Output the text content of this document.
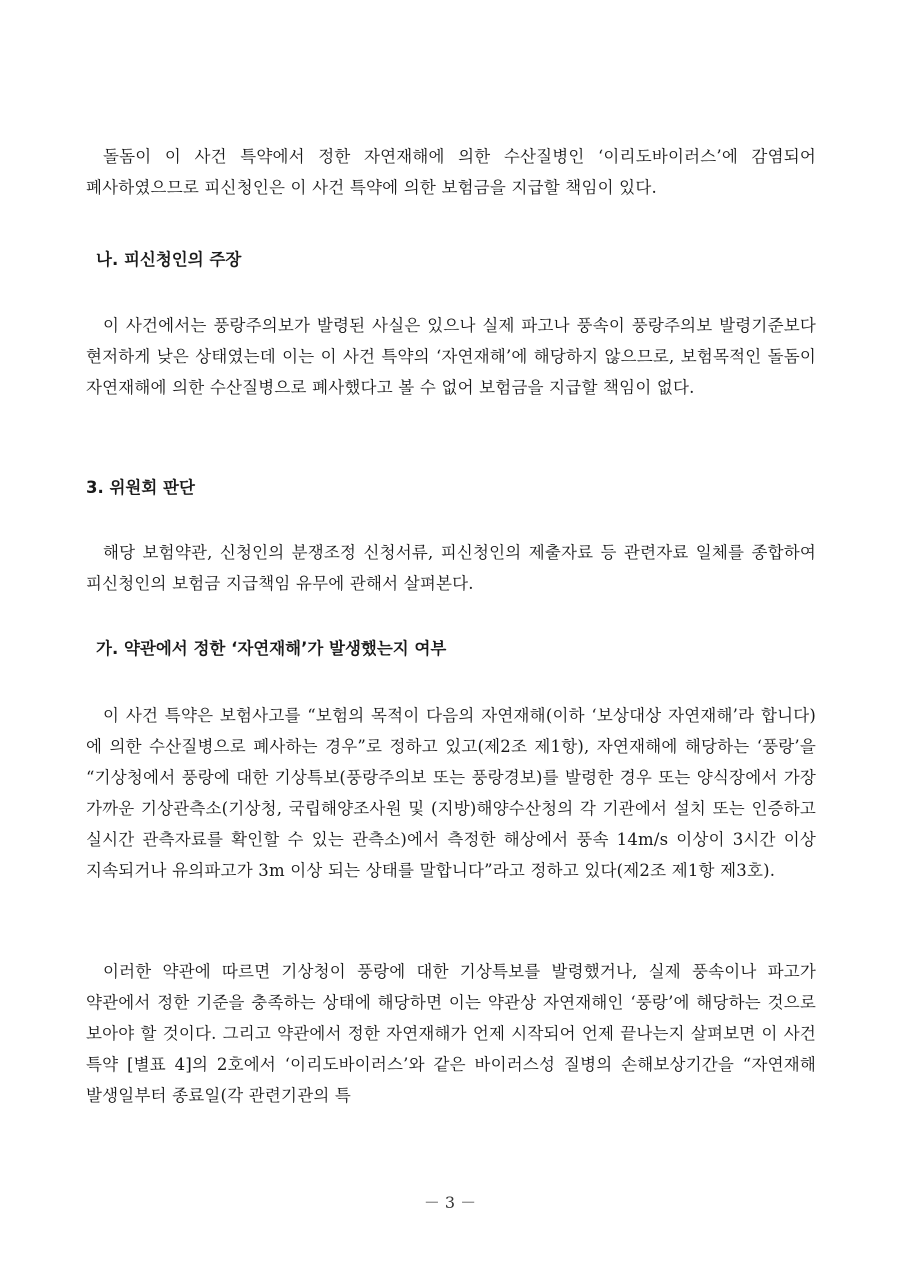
돌돔이 이 사건 특약에서 정한 자연재해에 의한 수산질병인 ‘이리도바이러스’에 감염되어 폐사하였으므로 피신청인은 이 사건 특약에 의한 보험금을 지급할 책임이 있다.

나. 피신청인의 주장

이 사건에서는 풍랑주의보가 발령된 사실은 있으나 실제 파고나 풍속이 풍랑주의보 발령기준보다 현저하게 낮은 상태였는데 이는 이 사건 특약의 ‘자연재해’에 해당하지 않으므로, 보험목적인 돌돔이 자연재해에 의한 수산질병으로 폐사했다고 볼 수 없어 보험금을 지급할 책임이 없다.

3. 위원회 판단

해당 보험약관, 신청인의 분쟁조정 신청서류, 피신청인의 제출자료 등 관련자료 일체를 종합하여 피신청인의 보험금 지급책임 유무에 관해서 살펴본다.

가. 약관에서 정한 ‘자연재해’가 발생했는지 여부

이 사건 특약은 보험사고를 “보험의 목적이 다음의 자연재해(이하 ‘보상대상 자연재해’라 합니다)에 의한 수산질병으로 폐사하는 경우”로 정하고 있고(제2조 제1항), 자연재해에 해당하는 ‘풍랑’을 “기상청에서 풍랑에 대한 기상특보(풍랑주의보 또는 풍랑경보)를 발령한 경우 또는 양식장에서 가장 가까운 기상관측소(기상청, 국립해양조사원 및 (지방)해양수산청의 각 기관에서 설치 또는 인증하고 실시간 관측자료를 확인할 수 있는 관측소)에서 측정한 해상에서 풍속 14m/s 이상이 3시간 이상 지속되거나 유의파고가 3m 이상 되는 상태를 말합니다”라고 정하고 있다(제2조 제1항 제3호).

이러한 약관에 따르면 기상청이 풍랑에 대한 기상특보를 발령했거나, 실제 풍속이나 파고가 약관에서 정한 기준을 충족하는 상태에 해당하면 이는 약관상 자연재해인 ‘풍랑’에 해당하는 것으로 보아야 할 것이다. 그리고 약관에서 정한 자연재해가 언제 시작되어 언제 끝나는지 살펴보면 이 사건 특약 [별표 4]의 2호에서 ‘이리도바이러스’와 같은 바이러스성 질병의 손해보상기간을 “자연재해 발생일부터 종료일(각 관련기관의 특

－ 3 －
